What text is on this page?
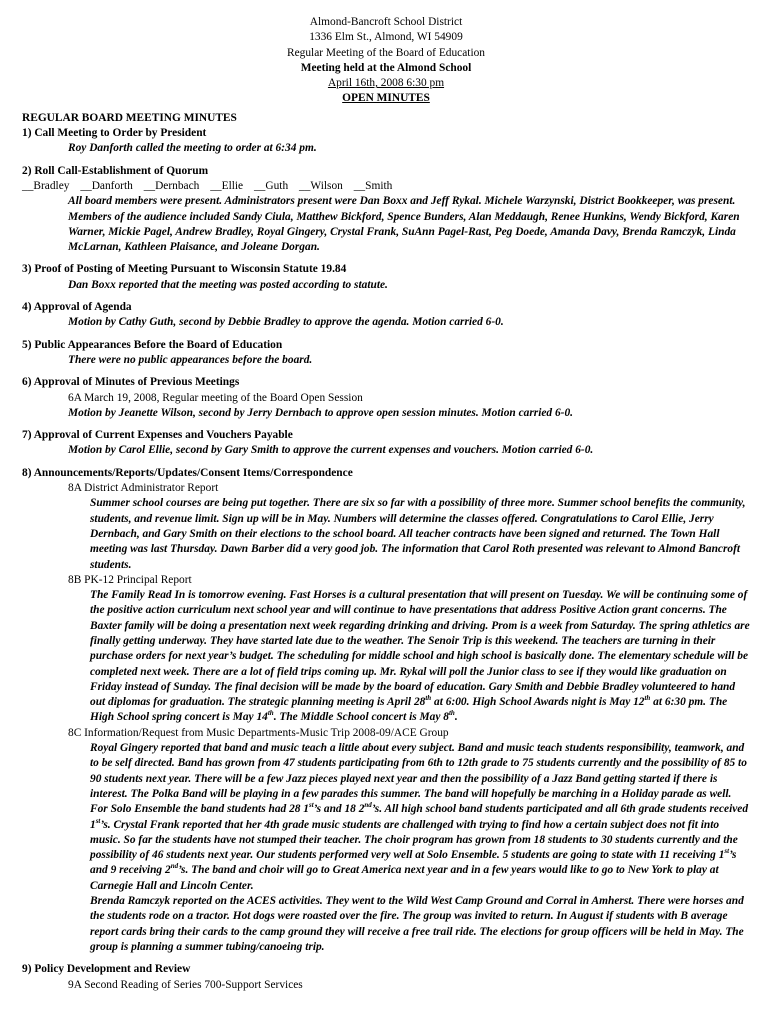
Almond-Bancroft School District
1336 Elm St., Almond, WI 54909
Regular Meeting of the Board of Education
Meeting held at the Almond School
April 16th, 2008 6:30 pm
OPEN MINUTES
REGULAR BOARD MEETING MINUTES
1) Call Meeting to Order by President
Roy Danforth called the meeting to order at 6:34 pm.
2) Roll Call-Establishment of Quorum
__Bradley __Danforth __Dernbach __Ellie __Guth __Wilson __Smith
All board members were present. Administrators present were Dan Boxx and Jeff Rykal. Michele Warzynski, District Bookkeeper, was present. Members of the audience included Sandy Ciula, Matthew Bickford, Spence Bunders, Alan Meddaugh, Renee Hunkins, Wendy Bickford, Karen Warner, Mickie Pagel, Andrew Bradley, Royal Gingery, Crystal Frank, SuAnn Pagel-Rast, Peg Doede, Amanda Davy, Brenda Ramczyk, Linda McLarnan, Kathleen Plaisance, and Joleane Dorgan.
3) Proof of Posting of Meeting Pursuant to Wisconsin Statute 19.84
Dan Boxx reported that the meeting was posted according to statute.
4) Approval of Agenda
Motion by Cathy Guth, second by Debbie Bradley to approve the agenda. Motion carried 6-0.
5) Public Appearances Before the Board of Education
There were no public appearances before the board.
6) Approval of Minutes of Previous Meetings
6A March 19, 2008, Regular meeting of the Board Open Session
Motion by Jeanette Wilson, second by Jerry Dernbach to approve open session minutes. Motion carried 6-0.
7) Approval of Current Expenses and Vouchers Payable
Motion by Carol Ellie, second by Gary Smith to approve the current expenses and vouchers. Motion carried 6-0.
8) Announcements/Reports/Updates/Consent Items/Correspondence
8A District Administrator Report
Summer school courses are being put together. There are six so far with a possibility of three more. Summer school benefits the community, students, and revenue limit. Sign up will be in May. Numbers will determine the classes offered. Congratulations to Carol Ellie, Jerry Dernbach, and Gary Smith on their elections to the school board. All teacher contracts have been signed and returned. The Town Hall meeting was last Thursday. Dawn Barber did a very good job. The information that Carol Roth presented was relevant to Almond Bancroft students.
8B PK-12 Principal Report
The Family Read In is tomorrow evening. Fast Horses is a cultural presentation that will present on Tuesday. We will be continuing some of the positive action curriculum next school year and will continue to have presentations that address Positive Action grant concerns. The Baxter family will be doing a presentation next week regarding drinking and driving. Prom is a week from Saturday. The spring athletics are finally getting underway. They have started late due to the weather. The Senoir Trip is this weekend. The teachers are turning in their purchase orders for next year’s budget. The scheduling for middle school and high school is basically done. The elementary schedule will be completed next week. There are a lot of field trips coming up. Mr. Rykal will poll the Junior class to see if they would like graduation on Friday instead of Sunday. The final decision will be made by the board of education. Gary Smith and Debbie Bradley volunteered to hand out diplomas for graduation. The strategic planning meeting is April 28th at 6:00. High School Awards night is May 12th at 6:30 pm. The High School spring concert is May 14th. The Middle School concert is May 8th.
8C Information/Request from Music Departments-Music Trip 2008-09/ACE Group
Royal Gingery reported that band and music teach a little about every subject. Band and music teach students responsibility, teamwork, and to be self directed. Band has grown from 47 students participating from 6th to 12th grade to 75 students currently and the possibility of 85 to 90 students next year. There will be a few Jazz pieces played next year and then the possibility of a Jazz Band getting started if there is interest. The Polka Band will be playing in a few parades this summer. The band will hopefully be marching in a Holiday parade as well. For Solo Ensemble the band students had 28 1st’s and 18 2nd’s. All high school band students participated and all 6th grade students received 1st’s. Crystal Frank reported that her 4th grade music students are challenged with trying to find how a certain subject does not fit into music. So far the students have not stumped their teacher. The choir program has grown from 18 students to 30 students currently and the possibility of 46 students next year. Our students performed very well at Solo Ensemble. 5 students are going to state with 11 receiving 1st’s and 9 receiving 2nd’s. The band and choir will go to Great America next year and in a few years would like to go to New York to play at Carnegie Hall and Lincoln Center.
Brenda Ramczyk reported on the ACES activities. They went to the Wild West Camp Ground and Corral in Amherst. There were horses and the students rode on a tractor. Hot dogs were roasted over the fire. The group was invited to return. In August if students with B average report cards bring their cards to the camp ground they will receive a free trail ride. The elections for group officers will be held in May. The group is planning a summer tubing/canoeing trip.
9) Policy Development and Review
9A Second Reading of Series 700-Support Services
